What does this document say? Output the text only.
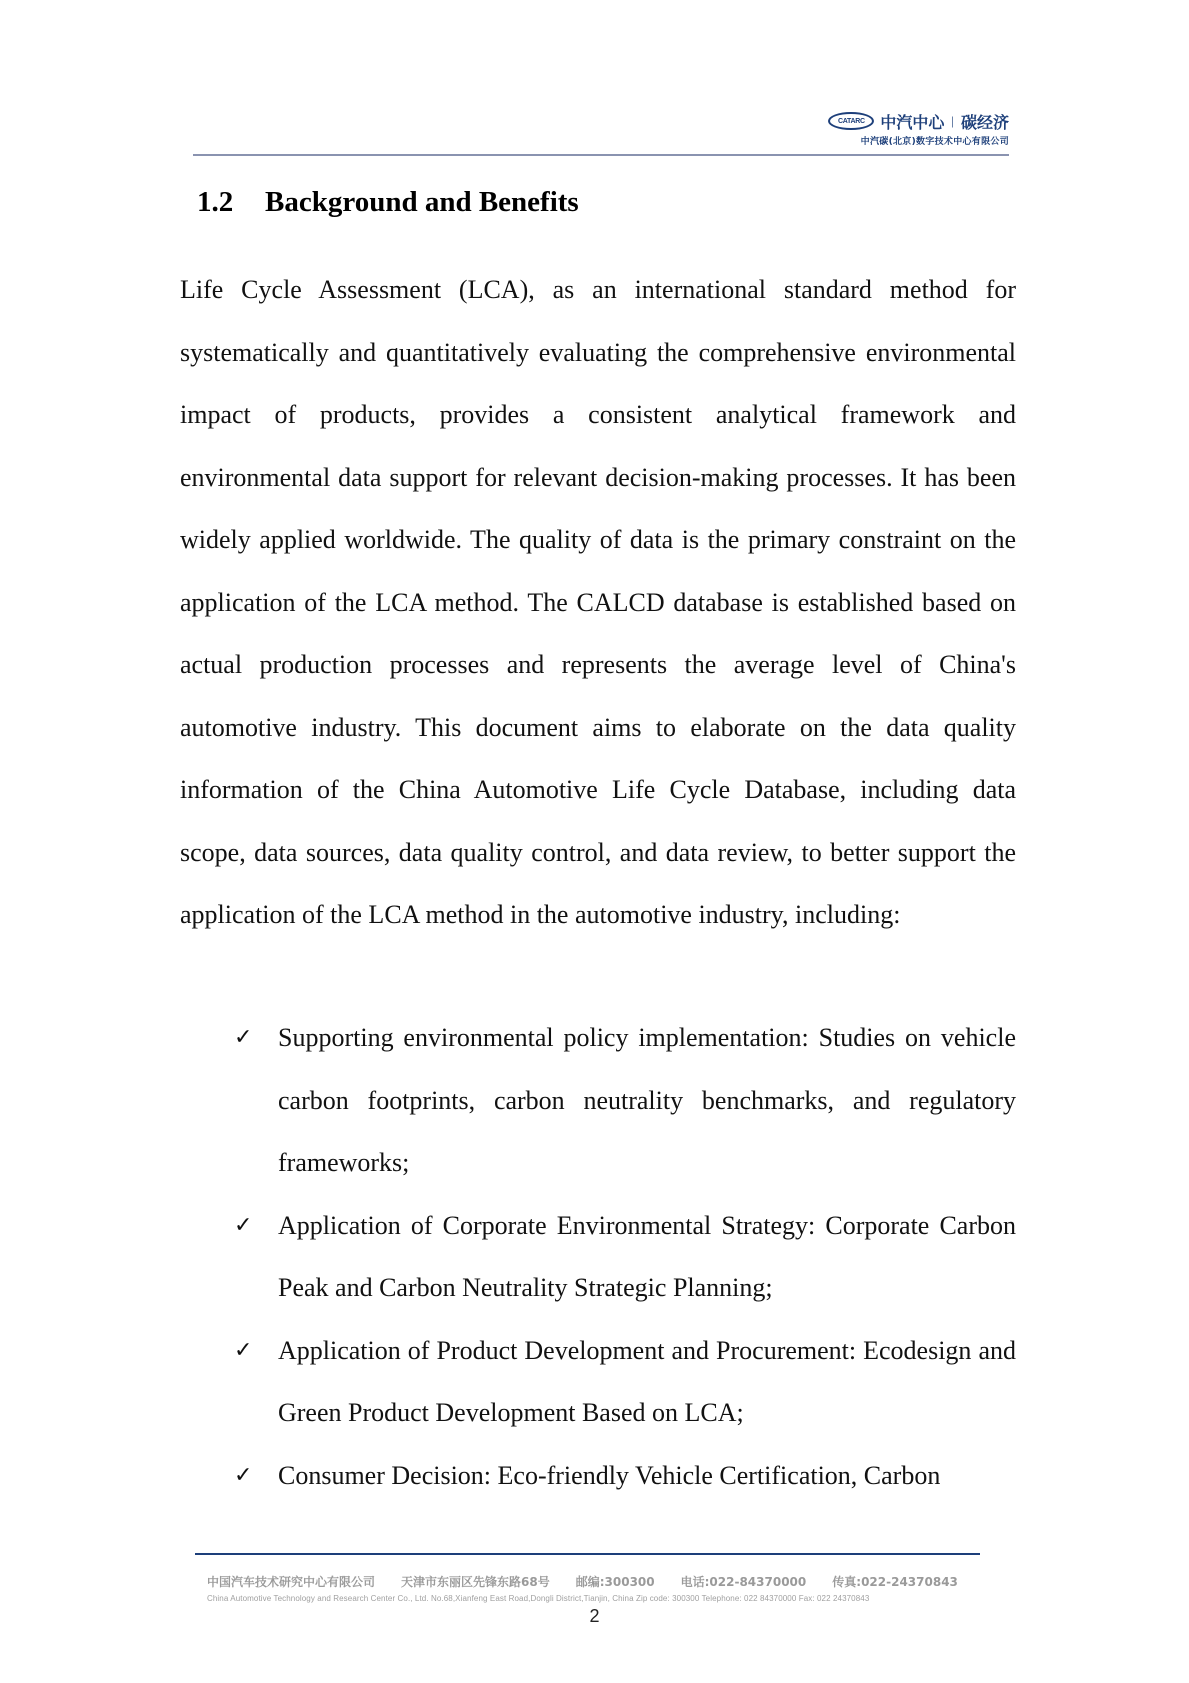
CATARC 中汽中心 | 碳经济
中汽碳(北京)数字技术中心有限公司
1.2 Background and Benefits

Life Cycle Assessment (LCA), as an international standard method for systematically and quantitatively evaluating the comprehensive environmental impact of products, provides a consistent analytical framework and environmental data support for relevant decision-making processes. It has been widely applied worldwide. The quality of data is the primary constraint on the application of the LCA method. The CALCD database is established based on actual production processes and represents the average level of China's automotive industry. This document aims to elaborate on the data quality information of the China Automotive Life Cycle Database, including data scope, data sources, data quality control, and data review, to better support the application of the LCA method in the automotive industry, including:

✓ Supporting environmental policy implementation: Studies on vehicle carbon footprints, carbon neutrality benchmarks, and regulatory frameworks;
✓ Application of Corporate Environmental Strategy: Corporate Carbon Peak and Carbon Neutrality Strategic Planning;
✓ Application of Product Development and Procurement: Ecodesign and Green Product Development Based on LCA;
✓ Consumer Decision: Eco-friendly Vehicle Certification, Carbon
中国汽车技术研究中心有限公司 天津市东丽区先锋东路68号 邮编:300300 电话:022-84370000 传真:022-24370843
China Automotive Technology and Research Center Co., Ltd. No.68,Xianfeng East Road,Dongli District,Tianjin, China Zip code: 300300 Telephone: 022 84370000 Fax: 022 24370843
2
